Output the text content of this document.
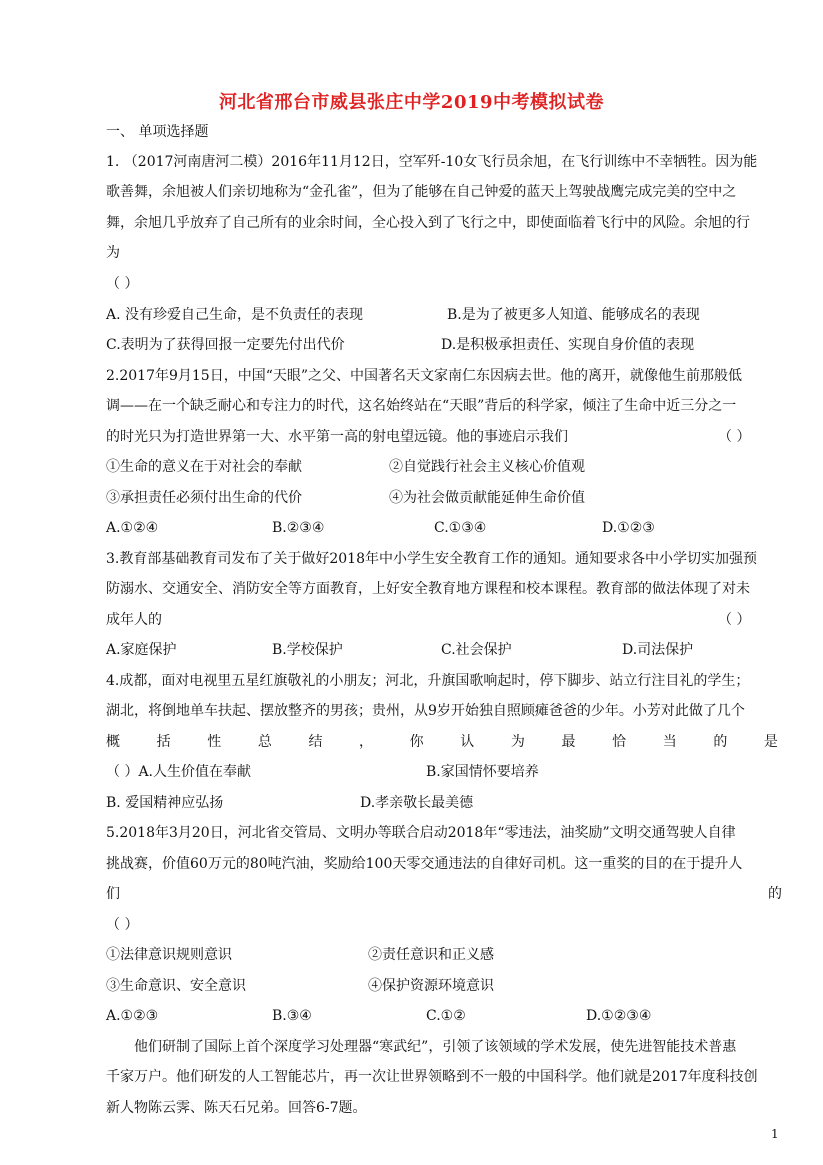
河北省邢台市威县张庄中学2019中考模拟试卷
一、 单项选择题
1. （2017河南唐河二模）2016年11月12日，空军歼-10女飞行员余旭，在飞行训练中不幸牺牲。因为能
歌善舞，余旭被人们亲切地称为“金孔雀”，但为了能够在自己钟爱的蓝天上驾驶战鹰完成完美的空中之
舞，余旭几乎放弃了自己所有的业余时间，全心投入到了飞行之中，即使面临着飞行中的风险。余旭的行
为
（ ）
A. 没有珍爱自己生命，是不负责任的表现	B.是为了被更多人知道、能够成名的表现
C.表明为了获得回报一定要先付出代价	D.是积极承担责任、实现自身价值的表现
2.2017年9月15日，中国“天眼”之父、中国著名天文家南仁东因病去世。他的离开，就像他生前那般低
调——在一个缺乏耐心和专注力的时代，这名始终站在“天眼”背后的科学家，倾注了生命中近三分之一
的时光只为打造世界第一大、水平第一高的射电望远镜。他的事迹启示我们	（ ）
①生命的意义在于对社会的奉献	②自觉践行社会主义核心价值观
③承担责任必须付出生命的代价	④为社会做贡献能延伸生命价值
A.①②④	B.②③④	C.①③④	D.①②③
3.教育部基础教育司发布了关于做好2018年中小学生安全教育工作的通知。通知要求各中小学切实加强预
防溺水、交通安全、消防安全等方面教育，上好安全教育地方课程和校本课程。教育部的做法体现了对未
成年人的	（ ）
A.家庭保护	B.学校保护	C.社会保护	D.司法保护
4.成都，面对电视里五星红旗敬礼的小朋友；河北，升旗国歌响起时，停下脚步、站立行注目礼的学生；
湖北，将倒地单车扶起、摆放整齐的男孩；贵州，从9岁开始独自照顾瘫爸爸的少年。小芳对此做了几个
概	括	性	总	结	，	你	认	为	最	恰	当	的	是
（ ）A.人生价值在奉献	B.家国情怀要培养
B. 爱国精神应弘扬	D.孝亲敬长最美德
5.2018年3月20日，河北省交管局、文明办等联合启动2018年“零违法，油奖励”文明交通驾驶人自律
挑战赛，价值60万元的80吨汽油，奖励给100天零交通违法的自律好司机。这一重奖的目的在于提升人
们	的
（ ）
①法律意识规则意识	②责任意识和正义感
③生命意识、安全意识	④保护资源环境意识
A.①②③	B.③④	C.①②	D.①②③④
他们研制了国际上首个深度学习处理器“寒武纪”，引领了该领域的学术发展，使先进智能技术普惠
千家万户。他们研发的人工智能芯片，再一次让世界领略到不一般的中国科学。他们就是2017年度科技创
新人物陈云霁、陈天石兄弟。回答6-7题。
1
